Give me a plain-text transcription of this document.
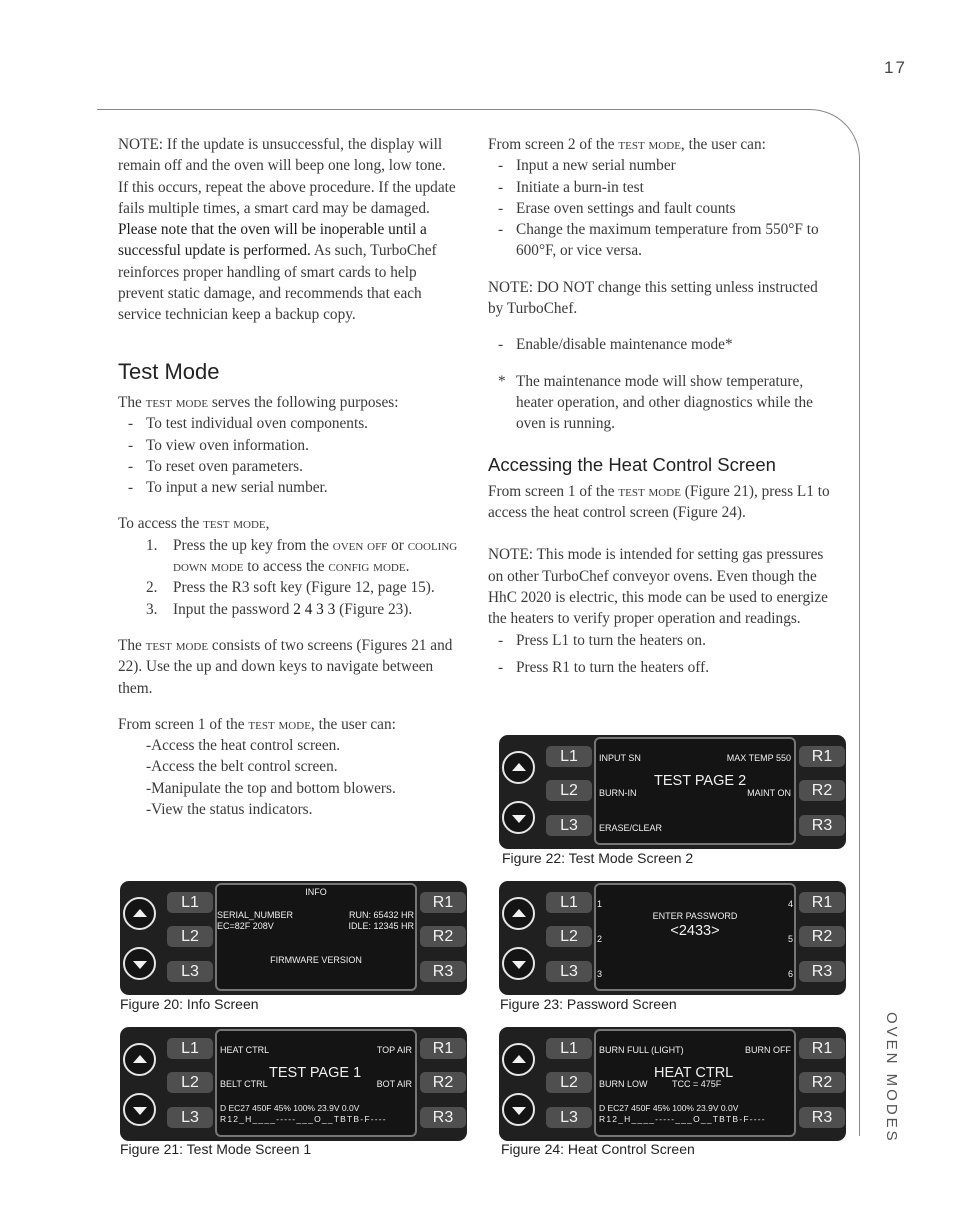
17
OVEN MODES

NOTE: If the update is unsuccessful, the display will remain off and the oven will beep one long, low tone. If this occurs, repeat the above procedure. If the update fails multiple times, a smart card may be damaged. Please note that the oven will be inoperable until a successful update is performed. As such, TurboChef reinforces proper handling of smart cards to help prevent static damage, and recommends that each service technician keep a backup copy.

Test Mode

The test mode serves the following purposes:

- To test individual oven components.
- To view oven information.
- To reset oven parameters.
- To input a new serial number.

To access the test mode,

1. Press the up key from the oven off or cooling down mode to access the config mode.
2. Press the R3 soft key (Figure 12, page 15).
3. Input the password 2 4 3 3 (Figure 23).

The test mode consists of two screens (Figures 21 and 22). Use the up and down keys to navigate between them.

From screen 1 of the test mode, the user can:

-Access the heat control screen.
-Access the belt control screen.
-Manipulate the top and bottom blowers.
-View the status indicators.

From screen 2 of the test mode, the user can:

- Input a new serial number
- Initiate a burn-in test
- Erase oven settings and fault counts
- Change the maximum temperature from 550°F to 600°F, or vice versa.

NOTE: DO NOT change this setting unless instructed by TurboChef.

- Enable/disable maintenance mode*
* The maintenance mode will show temperature, heater operation, and other diagnostics while the oven is running.

Accessing the Heat Control Screen

From screen 1 of the test mode (Figure 21), press L1 to access the heat control screen (Figure 24).

NOTE: This mode is intended for setting gas pressures on other TurboChef conveyor ovens. Even though the HhC 2020 is electric, this mode can be used to energize the heaters to verify proper operation and readings.

- Press L1 to turn the heaters on.
- Press R1 to turn the heaters off.
L1
L2
L3
R1
R2
R3
INPUT SN	MAX TEMP 550
TEST PAGE 2
BURN-IN	MAINT ON
ERASE/CLEAR
Figure 22: Test Mode Screen 2
L1
L2
L3
R1
R2
R3
INFO
SERIAL_NUMBER
EC=82F 208V
RUN: 65432 HR
IDLE: 12345 HR
FIRMWARE VERSION
Figure 20: Info Screen
L1
L2
L3
R1
R2
R3
1
2
3
4
5
6
ENTER PASSWORD
<2433>
Figure 23: Password Screen
L1
L2
L3
R1
R2
R3
HEAT CTRL	TOP AIR
TEST PAGE 1
BELT CTRL	BOT AIR
D EC27 450F 45% 100% 23.9V 0.0V
R12_H____-----___O__TBTB-F----
Figure 21: Test Mode Screen 1
L1
L2
L3
R1
R2
R3
BURN FULL (LIGHT)	BURN OFF
HEAT CTRL
BURN LOW	TCC = 475F
D EC27 450F 45% 100% 23.9V 0.0V
R12_H____-----___O__TBTB-F----
Figure 24: Heat Control Screen
